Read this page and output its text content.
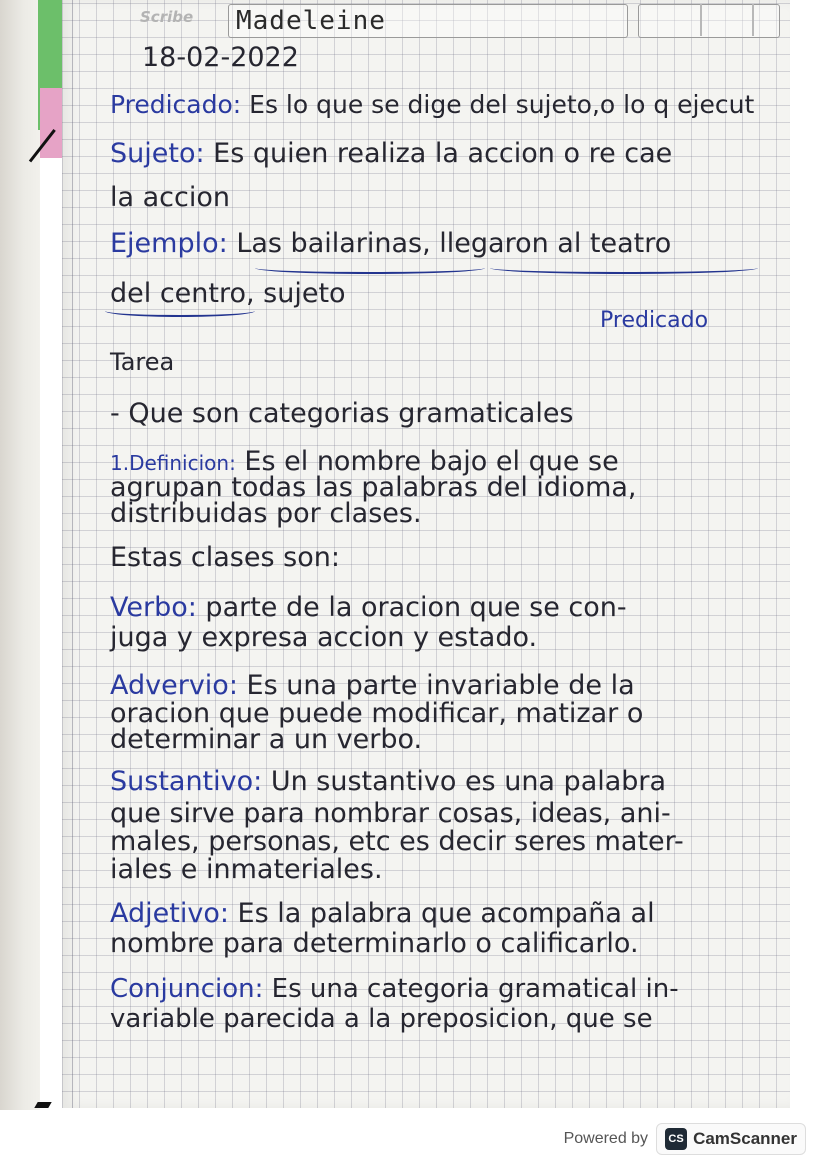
Scribe Madeleine
18-02-2022
Predicado: Es lo que se dige del sujeto,o lo q ejecut
Sujeto: Es quien realiza la accion o re cae
la accion
Ejemplo: Las bailarinas, llegaron al teatro
del centro, sujeto
Predicado
Tarea
- Que son categorias gramaticales
1.Definicion: Es el nombre bajo el que se
agrupan todas las palabras del idioma,
distribuidas por clases.
Estas clases son:
Verbo: parte de la oracion que se con-
juga y expresa accion y estado.
Advervio: Es una parte invariable de la
oracion que puede modificar, matizar o
determinar a un verbo.
Sustantivo: Un sustantivo es una palabra
que sirve para nombrar cosas, ideas, ani-
males, personas, etc es decir seres mater-
iales e inmateriales.
Adjetivo: Es la palabra que acompaña al
nombre para determinarlo o calificarlo.
Conjuncion: Es una categoria gramatical in-
variable parecida a la preposicion, que se
Powered by	CS CamScanner
